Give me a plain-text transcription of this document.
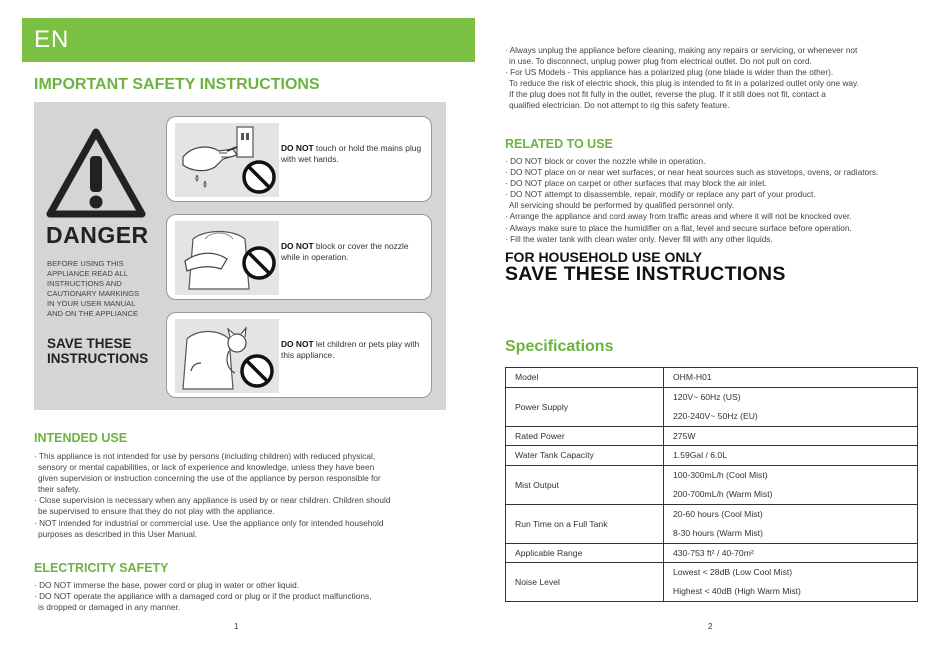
EN
IMPORTANT SAFETY INSTRUCTIONS
DANGER
BEFORE USING THIS
APPLIANCE READ ALL
INSTRUCTIONS AND
CAUTIONARY MARKINGS
IN YOUR USER MANUAL
AND ON THE APPLIANCE
SAVE THESE
INSTRUCTIONS
DO NOT touch or hold the mains plug with wet hands.
DO NOT block or cover the nozzle while in operation.
DO NOT let children or pets play with this appliance.
INTENDED USE

· This appliance is not intended for use by persons (including children) with reduced physical,

sensory or mental capabilities, or lack of experience and knowledge, unless they have been

given supervision or instruction concerning the use of the appliance by person responsible for

their safety.

· Close supervision is necessary when any appliance is used by or near children. Children should

be supervised to ensure that they do not play with the appliance.

· NOT intended for industrial or commercial use. Use the appliance only for intended household

purposes as described in this User Manual.

ELECTRICITY SAFETY

· DO NOT immerse the base, power cord or plug in water or other liquid.

· DO NOT operate the appliance with a damaged cord or plug or if the product malfunctions,

is dropped or damaged in any manner.

1

· Always unplug the appliance before cleaning, making any repairs or servicing, or whenever not

in use. To disconnect, unplug power plug from electrical outlet. Do not pull on cord.

· For US Models - This appliance has a polarized plug (one blade is wider than the other).

To reduce the risk of electric shock, this plug is intended to fit in a polarized outlet only one way.

If the plug does not fit fully in the outlet, reverse the plug. If it still does not fit, contact a

qualified electrician. Do not attempt to rig this safety feature.

RELATED TO USE

· DO NOT block or cover the nozzle while in operation.

· DO NOT place on or near wet surfaces, or near heat sources such as stovetops, ovens, or radiators.

· DO NOT place on carpet or other surfaces that may block the air inlet.

· DO NOT attempt to disassemble, repair, modify or replace any part of your product.

All servicing should be performed by qualified personnel only.

· Arrange the appliance and cord away from traffic areas and where it will not be knocked over.

· Always make sure to place the humidifier on a flat, level and secure surface before operation.

· Fill the water tank with clean water only. Never fill with any other liquids.

FOR HOUSEHOLD USE ONLY
SAVE THESE INSTRUCTIONS
Specifications
Model	OHM-H01
Power Supply	120V~ 60Hz (US)
220-240V~ 50Hz (EU)

Rated Power	275W
Water Tank Capacity	1.59Gal / 6.0L
Mist Output	100-300mL/h (Cool Mist)
200-700mL/h (Warm Mist)

Run Time on a Full Tank	20-60 hours (Cool Mist)
8-30 hours (Warm Mist)

Applicable Range	430-753 ft² / 40-70m²
Noise Level	Lowest < 28dB (Low Cool Mist)
Highest < 40dB (High Warm Mist)
2
